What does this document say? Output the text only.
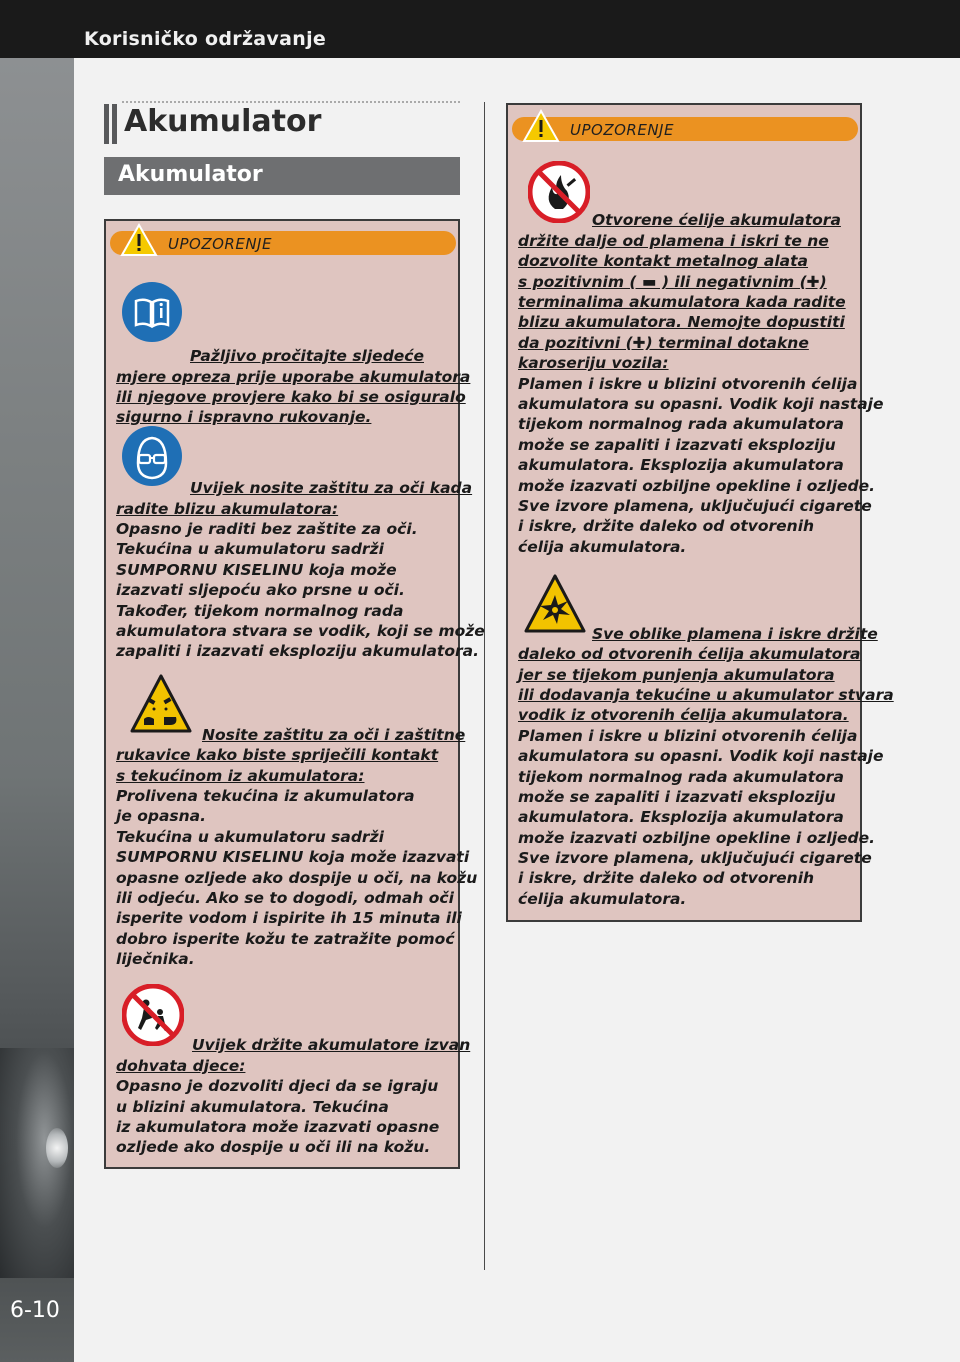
Korisničko održavanje
6-10
Akumulator
Akumulator
UPOZORENJE
Pažljivo pročitajte sljedeće
mjere opreza prije uporabe akumulatora
ili njegove provjere kako bi se osiguralo
sigurno i ispravno rukovanje.
Uvijek nosite zaštitu za oči kada
radite blizu akumulatora:
Opasno je raditi bez zaštite za oči.
Tekućina u akumulatoru sadrži
SUMPORNU KISELINU koja može
izazvati sljepoću ako prsne u oči.
Također, tijekom normalnog rada
akumulatora stvara se vodik, koji se može
zapaliti i izazvati eksploziju akumulatora.
Nosite zaštitu za oči i zaštitne
rukavice kako biste spriječili kontakt
s tekućinom iz akumulatora:
Prolivena tekućina iz akumulatora
je opasna.
Tekućina u akumulatoru sadrži
SUMPORNU KISELINU koja može izazvati
opasne ozljede ako dospije u oči, na kožu
ili odjeću. Ako se to dogodi, odmah oči
isperite vodom i ispirite ih 15 minuta ili
dobro isperite kožu te zatražite pomoć
liječnika.
Uvijek držite akumulatore izvan
dohvata djece:
Opasno je dozvoliti djeci da se igraju
u blizini akumulatora. Tekućina
iz akumulatora može izazvati opasne
ozljede ako dospije u oči ili na kožu.
UPOZORENJE
Otvorene ćelije akumulatora
držite dalje od plamena i iskri te ne
dozvolite kontakt metalnog alata
s pozitivnim ( ▬ ) ili negativnim (✚)
terminalima akumulatora kada radite
blizu akumulatora. Nemojte dopustiti
da pozitivni (✚) terminal dotakne
karoseriju vozila:
Plamen i iskre u blizini otvorenih ćelija
akumulatora su opasni. Vodik koji nastaje
tijekom normalnog rada akumulatora
može se zapaliti i izazvati eksploziju
akumulatora. Eksplozija akumulatora
može izazvati ozbiljne opekline i ozljede.
Sve izvore plamena, uključujući cigarete
i iskre, držite daleko od otvorenih
ćelija akumulatora.
Sve oblike plamena i iskre držite
daleko od otvorenih ćelija akumulatora
jer se tijekom punjenja akumulatora
ili dodavanja tekućine u akumulator stvara
vodik iz otvorenih ćelija akumulatora.
Plamen i iskre u blizini otvorenih ćelija
akumulatora su opasni. Vodik koji nastaje
tijekom normalnog rada akumulatora
može se zapaliti i izazvati eksploziju
akumulatora. Eksplozija akumulatora
može izazvati ozbiljne opekline i ozljede.
Sve izvore plamena, uključujući cigarete
i iskre, držite daleko od otvorenih
ćelija akumulatora.
